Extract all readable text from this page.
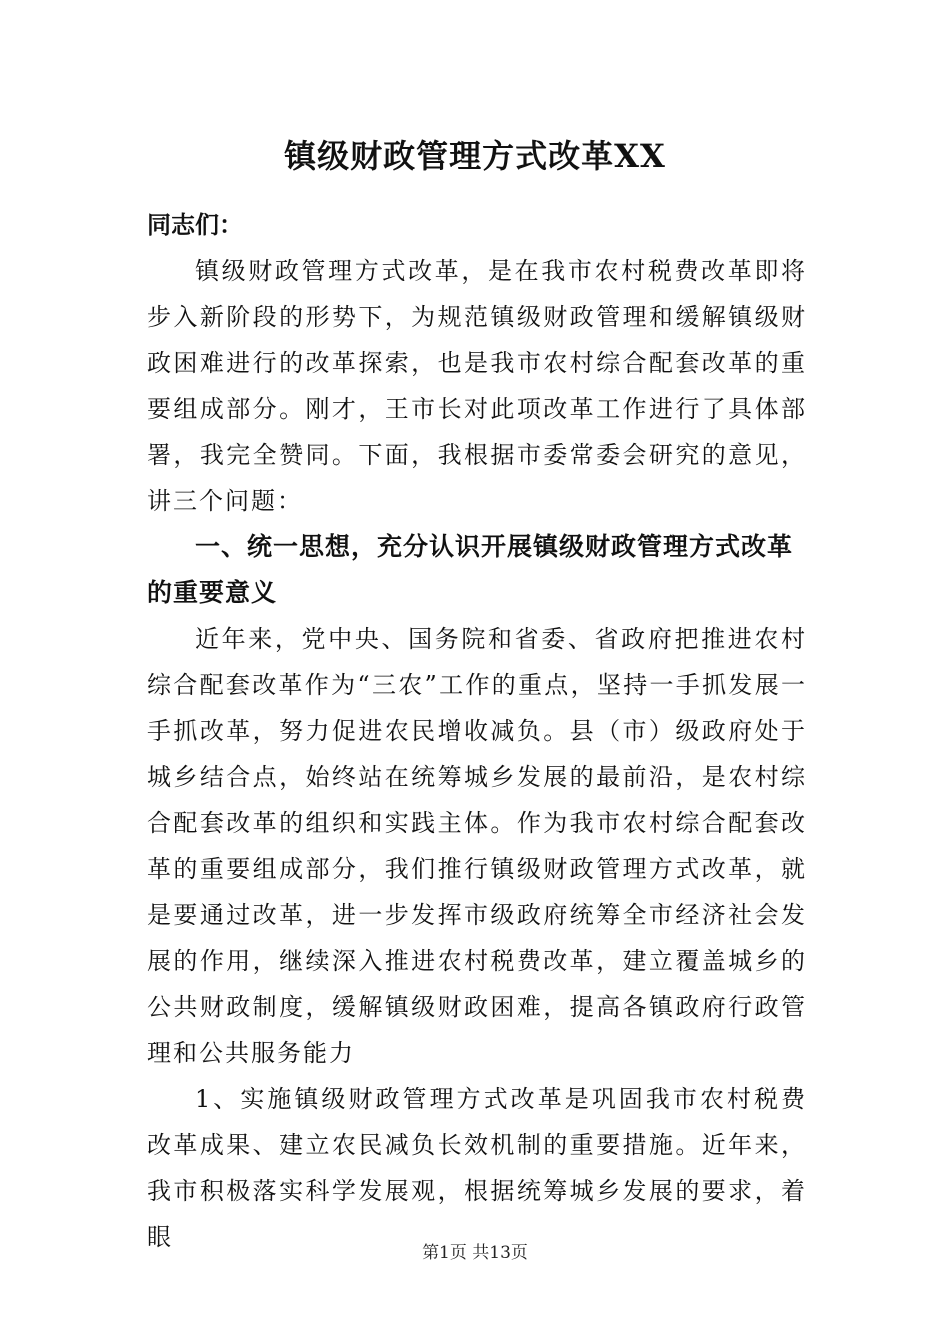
镇级财政管理方式改革XX

同志们：

镇级财政管理方式改革，是在我市农村税费改革即将步入新阶段的形势下，为规范镇级财政管理和缓解镇级财政困难进行的改革探索，也是我市农村综合配套改革的重要组成部分。刚才，王市长对此项改革工作进行了具体部署，我完全赞同。下面，我根据市委常委会研究的意见，讲三个问题：

一、统一思想，充分认识开展镇级财政管理方式改革的重要意义

近年来，党中央、国务院和省委、省政府把推进农村综合配套改革作为“三农”工作的重点，坚持一手抓发展一手抓改革，努力促进农民增收减负。县（市）级政府处于城乡结合点，始终站在统筹城乡发展的最前沿，是农村综合配套改革的组织和实践主体。作为我市农村综合配套改革的重要组成部分，我们推行镇级财政管理方式改革，就是要通过改革，进一步发挥市级政府统筹全市经济社会发展的作用，继续深入推进农村税费改革，建立覆盖城乡的公共财政制度，缓解镇级财政困难，提高各镇政府行政管理和公共服务能力

1、实施镇级财政管理方式改革是巩固我市农村税费改革成果、建立农民减负长效机制的重要措施。近年来，我市积极落实科学发展观，根据统筹城乡发展的要求，着眼

第1页 共13页
